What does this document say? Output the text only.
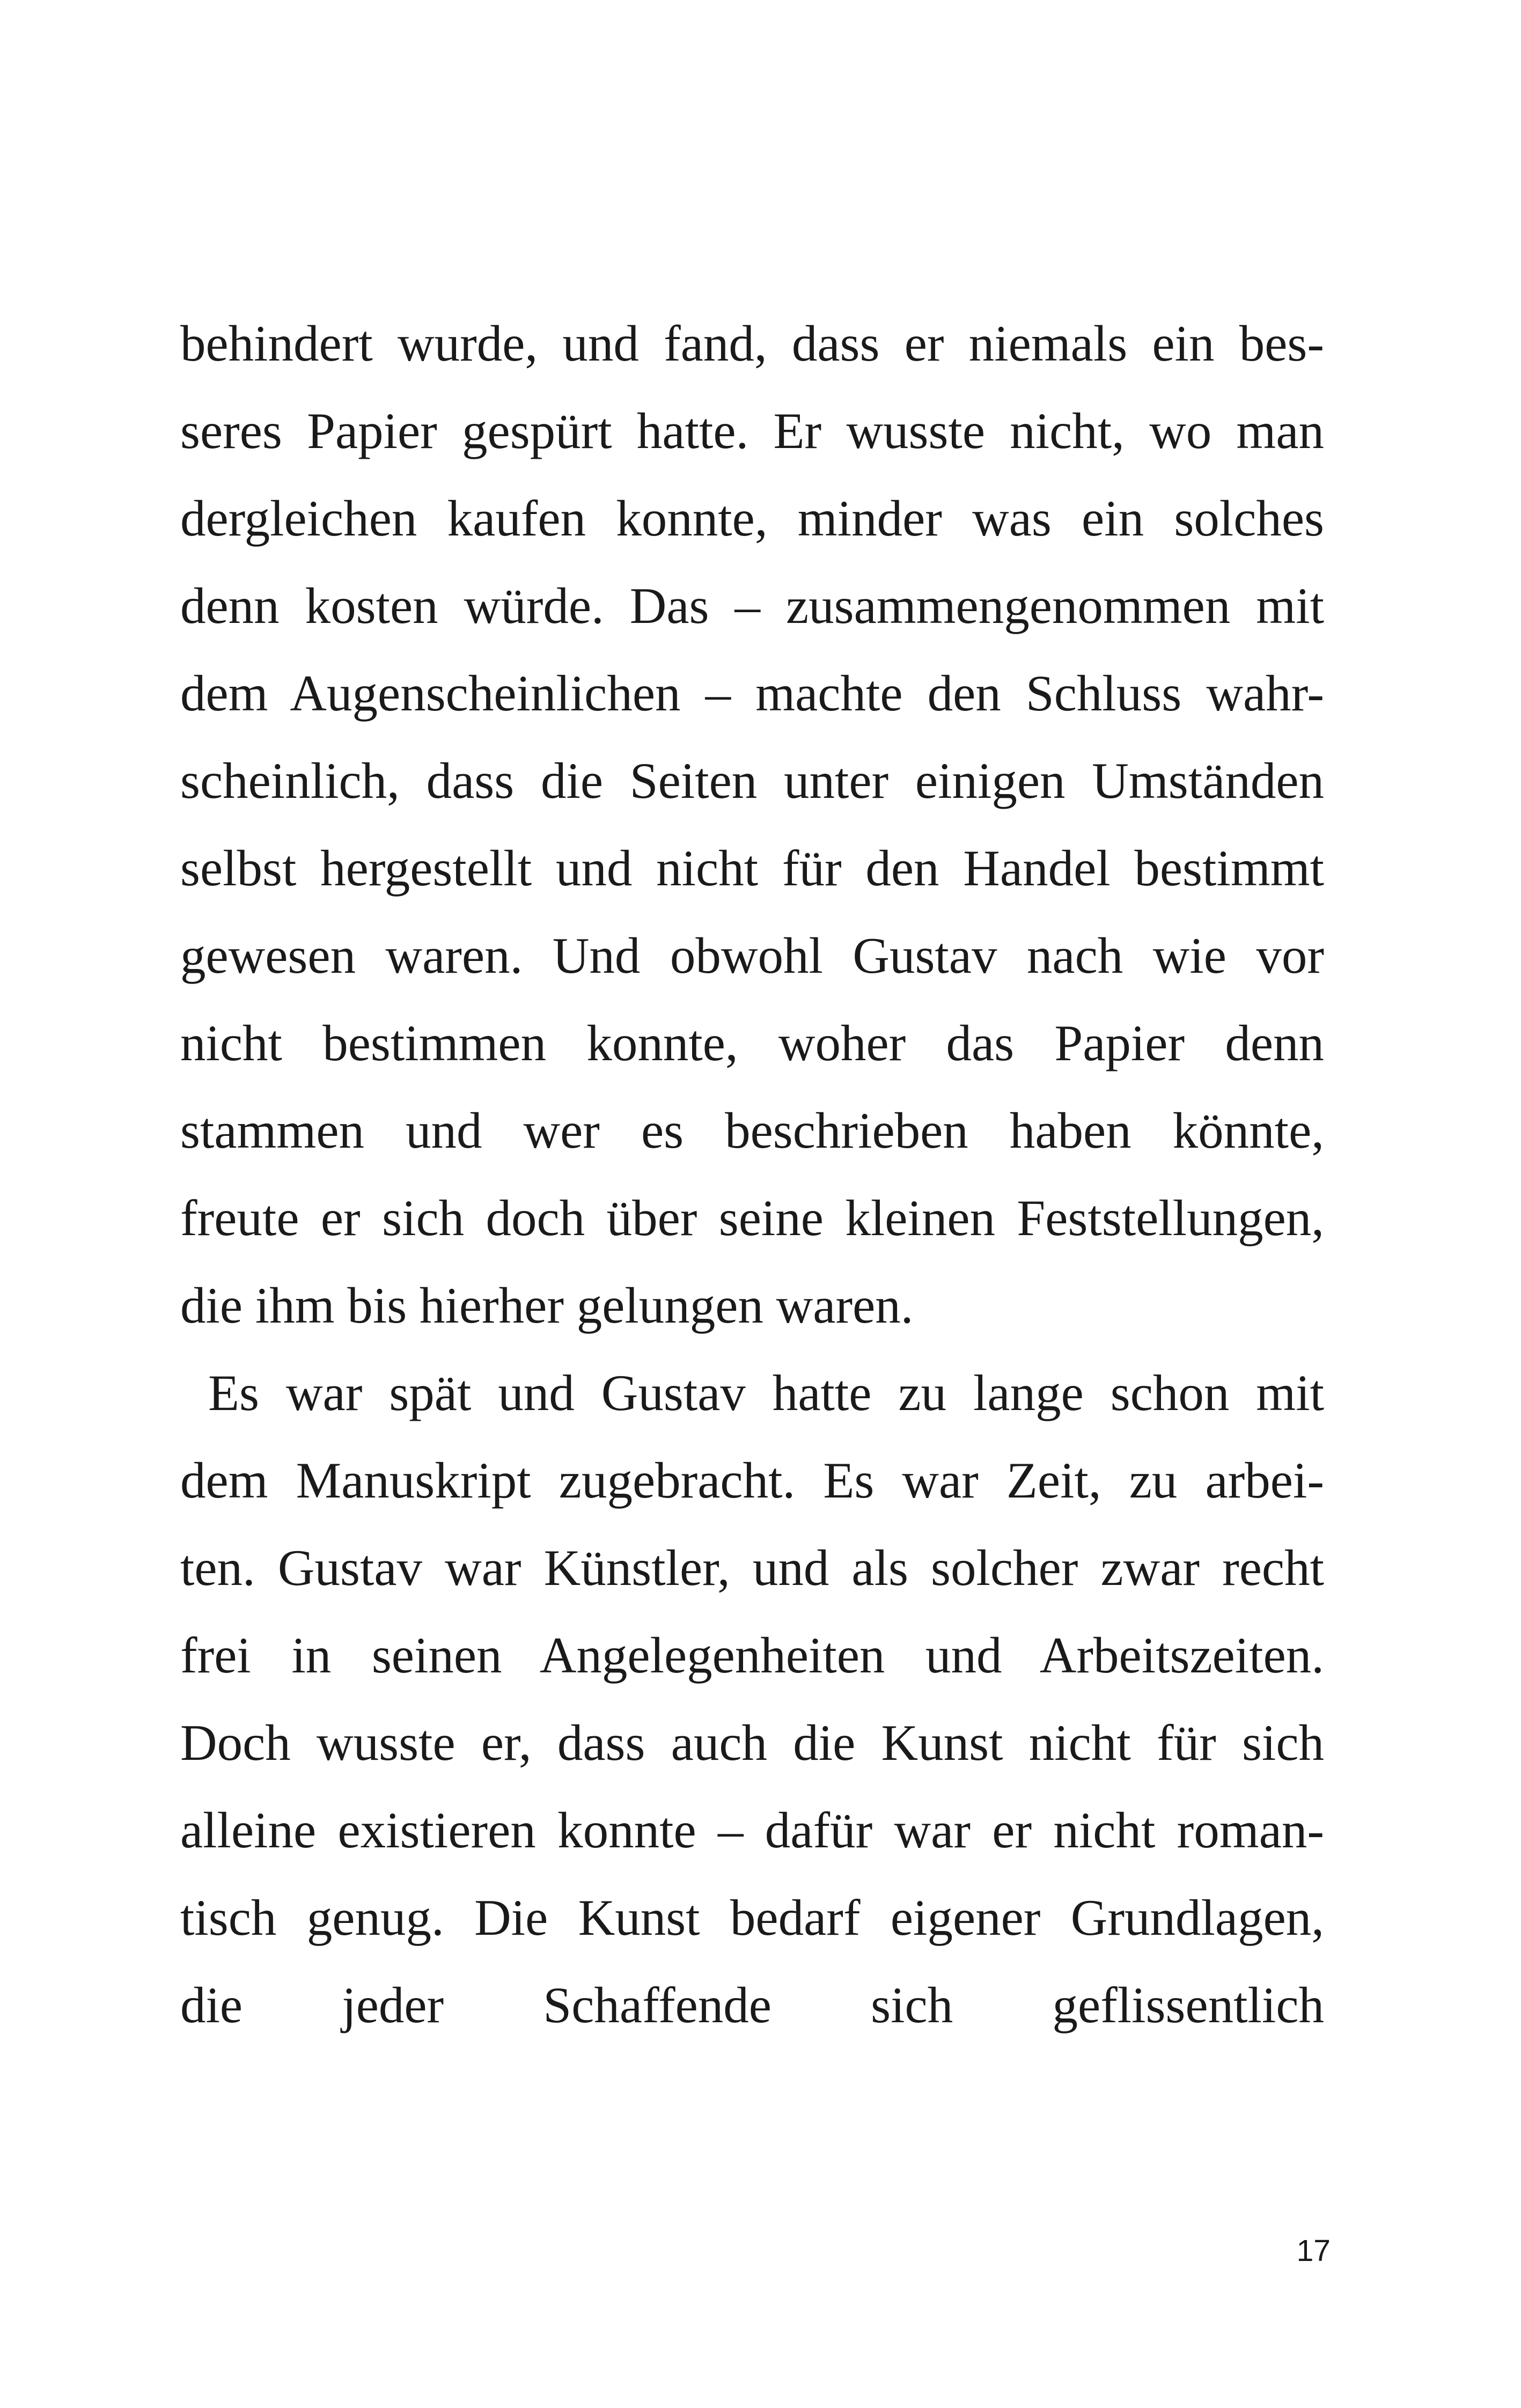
behindert wurde, und fand, dass er niemals ein bes-
seres Papier gespürt hatte. Er wusste nicht, wo man
dergleichen kaufen konnte, minder was ein solches
denn kosten würde. Das – zusammengenommen mit
dem Augenscheinlichen – machte den Schluss wahr-
scheinlich, dass die Seiten unter einigen Umständen
selbst hergestellt und nicht für den Handel bestimmt
gewesen waren. Und obwohl Gustav nach wie vor
nicht bestimmen konnte, woher das Papier denn
stammen und wer es beschrieben haben könnte,
freute er sich doch über seine kleinen Feststellungen,
die ihm bis hierher gelungen waren.
Es war spät und Gustav hatte zu lange schon mit
dem Manuskript zugebracht. Es war Zeit, zu arbei-
ten. Gustav war Künstler, und als solcher zwar recht
frei in seinen Angelegenheiten und Arbeitszeiten.
Doch wusste er, dass auch die Kunst nicht für sich
alleine existieren konnte – dafür war er nicht roman-
tisch genug. Die Kunst bedarf eigener Grundlagen,
die jeder Schaffende sich geflissentlich
17
